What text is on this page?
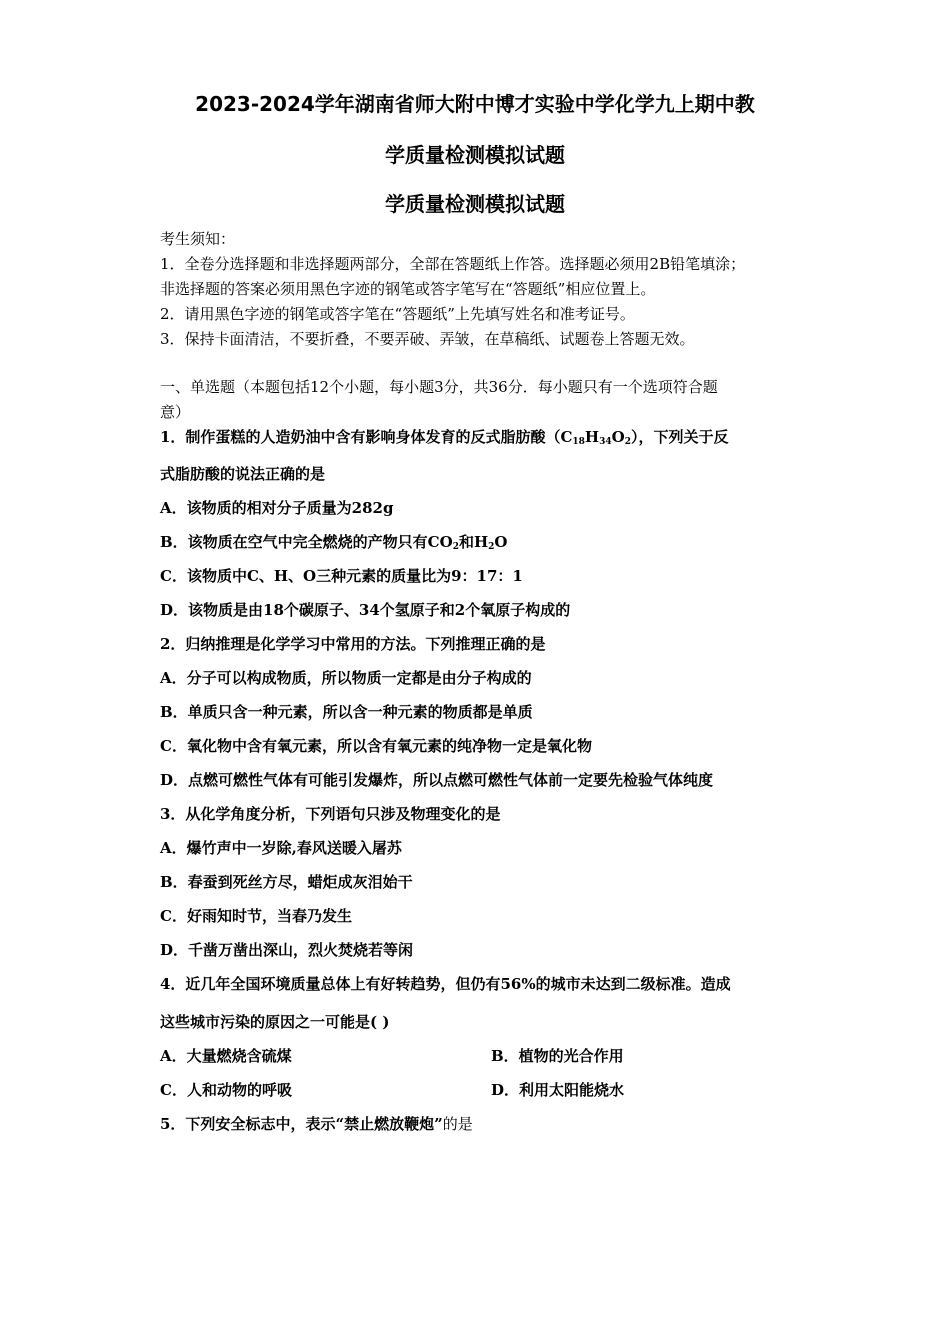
2023-2024学年湖南省师大附中博才实验中学化学九上期中教
学质量检测模拟试题
学质量检测模拟试题
考生须知：
1．全卷分选择题和非选择题两部分，全部在答题纸上作答。选择题必须用2B铅笔填涂；
非选择题的答案必须用黑色字迹的钢笔或答字笔写在“答题纸”相应位置上。
2．请用黑色字迹的钢笔或答字笔在“答题纸”上先填写姓名和准考证号。
3．保持卡面清洁，不要折叠，不要弄破、弄皱，在草稿纸、试题卷上答题无效。
一、单选题（本题包括12个小题，每小题3分，共36分．每小题只有一个选项符合题
意）
1．制作蛋糕的人造奶油中含有影响身体发育的反式脂肪酸$(C_{18}H_{34}O_2)$，下列关于反
式脂肪酸的说法正确的是
A．该物质的相对分子质量为282g
B．该物质在空气中完全燃烧的产物只有$CO_2$和$H_2O$
C．该物质中C、H、O三种元素的质量比为9：17：1
D．该物质是由18个碳原子、34个氢原子和2个氧原子构成的
2．归纳推理是化学学习中常用的方法。下列推理正确的是
A．分子可以构成物质，所以物质一定都是由分子构成的
B．单质只含一种元素，所以含一种元素的物质都是单质
C．氧化物中含有氧元素，所以含有氧元素的纯净物一定是氧化物
D．点燃可燃性气体有可能引发爆炸，所以点燃可燃性气体前一定要先检验气体纯度
3．从化学角度分析，下列语句只涉及物理变化的是
A．爆竹声中一岁除,春风送暖入屠苏
B．春蚕到死丝方尽，蜡炬成灰泪始干
C．好雨知时节，当春乃发生
D．千凿万凿出深山，烈火焚烧若等闲
4．近几年全国环境质量总体上有好转趋势，但仍有56%的城市未达到二级标准。造成
这些城市污染的原因之一可能是( )
A．大量燃烧含硫煤	B．植物的光合作用
C．人和动物的呼吸	D．利用太阳能烧水
5．下列安全标志中，表示“禁止燃放鞭炮”的是
